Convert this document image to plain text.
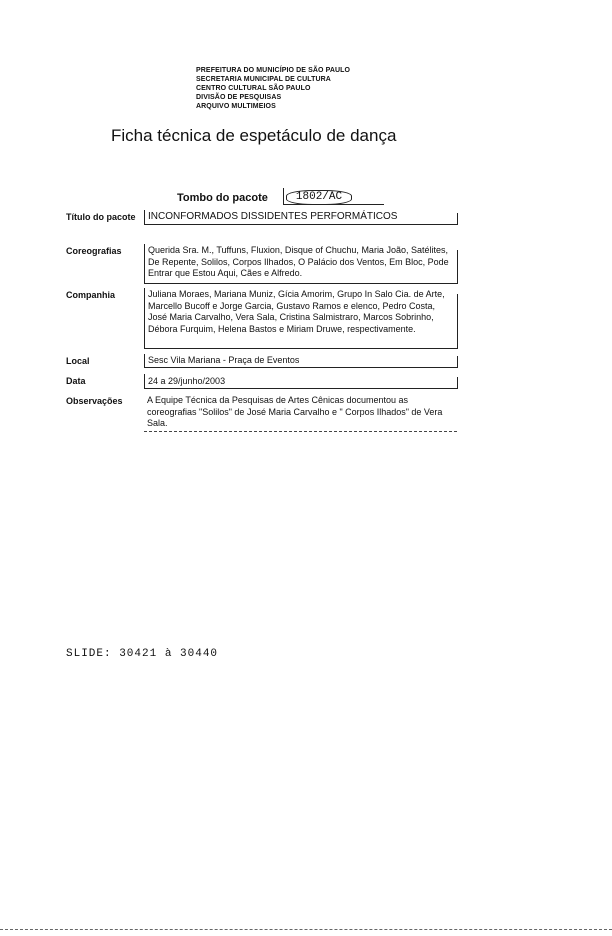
PREFEITURA DO MUNICÍPIO DE SÃO PAULO
SECRETARIA MUNICIPAL DE CULTURA
CENTRO CULTURAL SÃO PAULO
DIVISÃO DE PESQUISAS
ARQUIVO MULTIMEIOS
Ficha técnica de espetáculo de dança
Tombo do pacote	1802/AC
Título do pacote	INCONFORMADOS DISSIDENTES PERFORMÁTICOS
Coreografias	Querida Sra. M., Tuffuns, Fluxion, Disque of Chuchu, Maria João, Satélites, De Repente, Solilos, Corpos Ilhados, O Palácio dos Ventos, Em Bloc, Pode Entrar que Estou Aqui, Cães e Alfredo.
Companhia	Juliana Moraes, Mariana Muniz, Gícia Amorim, Grupo In Salo Cia. de Arte, Marcello Bucoff e Jorge Garcia, Gustavo Ramos e elenco, Pedro Costa, José Maria Carvalho, Vera Sala, Cristina Salmistraro, Marcos Sobrinho, Débora Furquim, Helena Bastos e Miriam Druwe, respectivamente.
Local	Sesc Vila Mariana - Praça de Eventos
Data	24 a 29/junho/2003
Observações	A Equipe Técnica da Pesquisas de Artes Cênicas documentou as coreografias "Solilos" de José Maria Carvalho e " Corpos Ilhados" de Vera Sala.
SLIDE: 30421 à 30440
